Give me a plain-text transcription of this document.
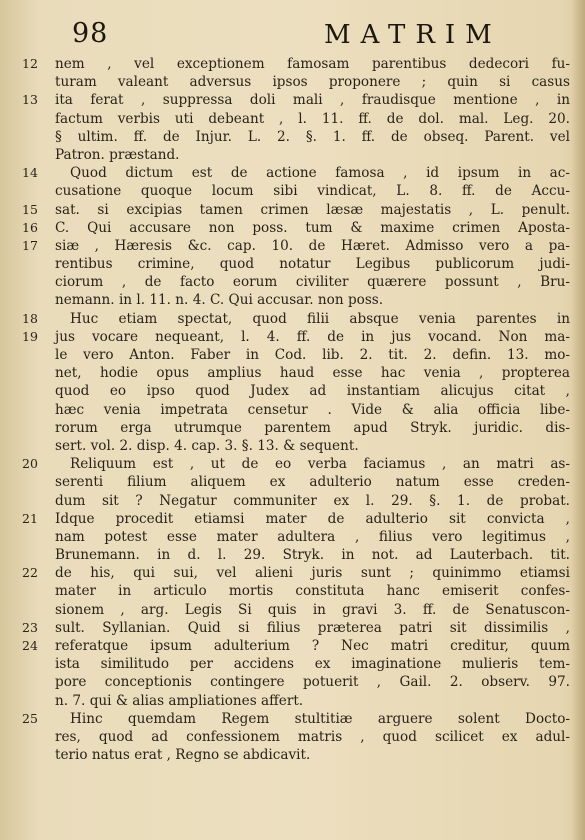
98	MATRIM
12	nem , vel exceptionem famosam parentibus dedecori fu-
turam valeant adversus ipsos proponere ; quin si casus
13	ita ferat , suppressa doli mali , fraudisque mentione , in
factum verbis uti debeant , l. 11. ff. de dol. mal. Leg. 20.
§ ultim. ff. de Injur. L. 2. §. 1. ff. de obseq. Parent. vel
Patron. præstand.
14	Quod dictum est de actione famosa , id ipsum in ac-
cusatione quoque locum sibi vindicat, L. 8. ff. de Accu-
15	sat. si excipias tamen crimen læsæ majestatis , L. penult.
16	C. Qui accusare non poss. tum & maxime crimen Aposta-
17	siæ , Hæresis &c. cap. 10. de Hæret. Admisso vero a pa-
rentibus crimine, quod notatur Legibus publicorum judi-
ciorum , de facto eorum civiliter quærere possunt , Bru-
nemann. in l. 11. n. 4. C. Qui accusar. non poss.
18	Huc etiam spectat, quod filii absque venia parentes in
19	jus vocare nequeant, l. 4. ff. de in jus vocand. Non ma-
le vero Anton. Faber in Cod. lib. 2. tit. 2. defin. 13. mo-
net, hodie opus amplius haud esse hac venia , propterea
quod eo ipso quod Judex ad instantiam alicujus citat ,
hæc venia impetrata censetur . Vide & alia officia libe-
rorum erga utrumque parentem apud Stryk. juridic. dis-
sert. vol. 2. disp. 4. cap. 3. §. 13. & sequent.
20	Reliquum est , ut de eo verba faciamus , an matri as-
serenti filium aliquem ex adulterio natum esse creden-
dum sit ? Negatur communiter ex l. 29. §. 1. de probat.
21	Idque procedit etiamsi mater de adulterio sit convicta ,
nam potest esse mater adultera , filius vero legitimus ,
Brunemann. in d. l. 29. Stryk. in not. ad Lauterbach. tit.
22	de his, qui sui, vel alieni juris sunt ; quinimmo etiamsi
mater in articulo mortis constituta hanc emiserit confes-
sionem , arg. Legis Si quis in gravi 3. ff. de Senatuscon-
23	sult. Syllanian. Quid si filius præterea patri sit dissimilis ,
24	referatque ipsum adulterium ? Nec matri creditur, quum
ista similitudo per accidens ex imaginatione mulieris tem-
pore conceptionis contingere potuerit , Gail. 2. observ. 97.
n. 7. qui & alias ampliationes affert.
25	Hinc quemdam Regem stultitiæ arguere solent Docto-
res, quod ad confessionem matris , quod scilicet ex adul-
terio natus erat , Regno se abdicavit.
